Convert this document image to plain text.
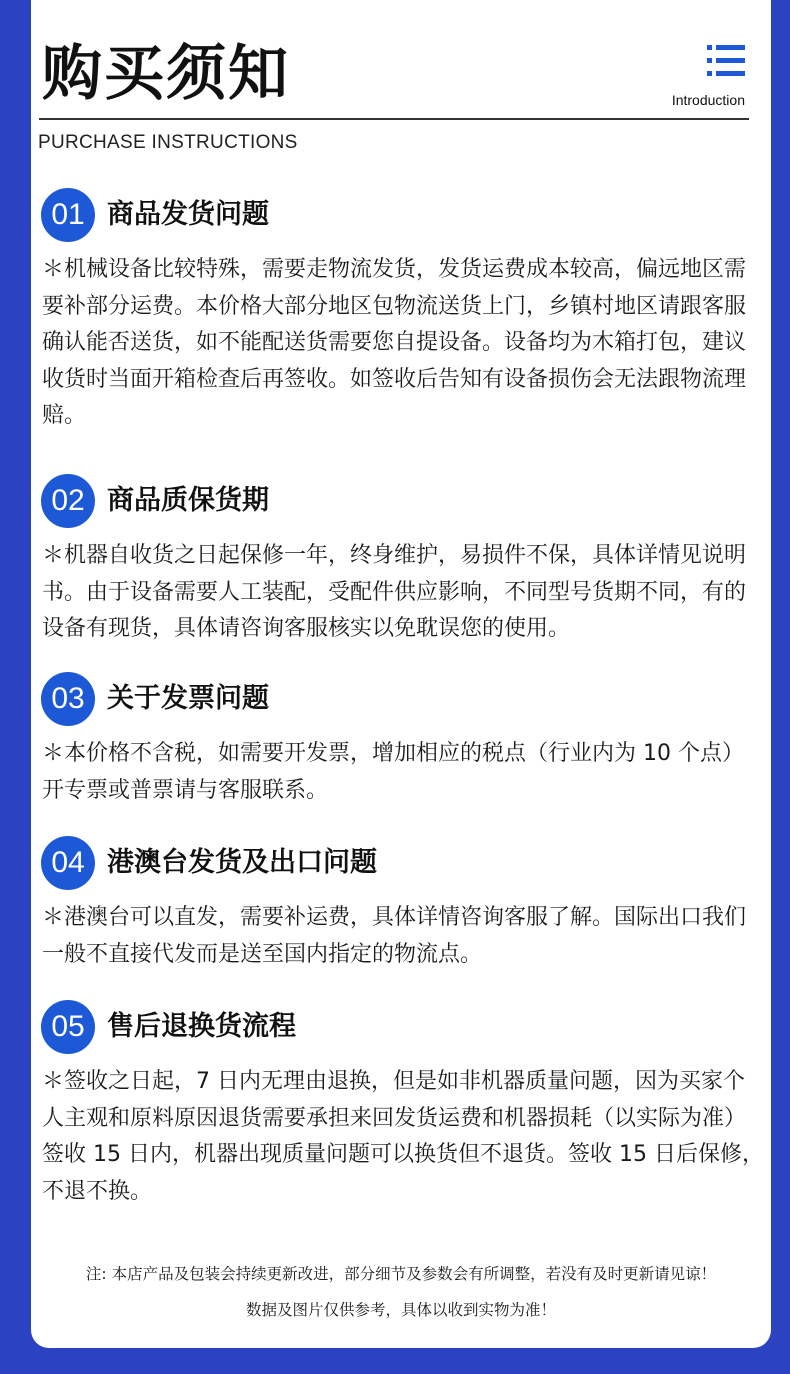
购买须知	Introduction
PURCHASE INSTRUCTIONS
01 商品发货问题

＊机械设备比较特殊，需要走物流发货，发货运费成本较高，偏远地区需要补部分运费。本价格大部分地区包物流送货上门，乡镇村地区请跟客服确认能否送货，如不能配送货需要您自提设备。设备均为木箱打包，建议收货时当面开箱检查后再签收。如签收后告知有设备损伤会无法跟物流理赔。

02 商品质保货期

＊机器自收货之日起保修一年，终身维护，易损件不保，具体详情见说明书。由于设备需要人工装配，受配件供应影响，不同型号货期不同，有的设备有现货，具体请咨询客服核实以免耽误您的使用。

03 关于发票问题

＊本价格不含税，如需要开发票，增加相应的税点（行业内为 10 个点）开专票或普票请与客服联系。

04 港澳台发货及出口问题

＊港澳台可以直发，需要补运费，具体详情咨询客服了解。国际出口我们一般不直接代发而是送至国内指定的物流点。

05 售后退换货流程

＊签收之日起，7 日内无理由退换，但是如非机器质量问题，因为买家个人主观和原料原因退货需要承担来回发货运费和机器损耗（以实际为准）签收 15 日内，机器出现质量问题可以换货但不退货。签收 15 日后保修，不退不换。

注: 本店产品及包装会持续更新改进，部分细节及参数会有所调整，若没有及时更新请见谅！
数据及图片仅供参考，具体以收到实物为准！
